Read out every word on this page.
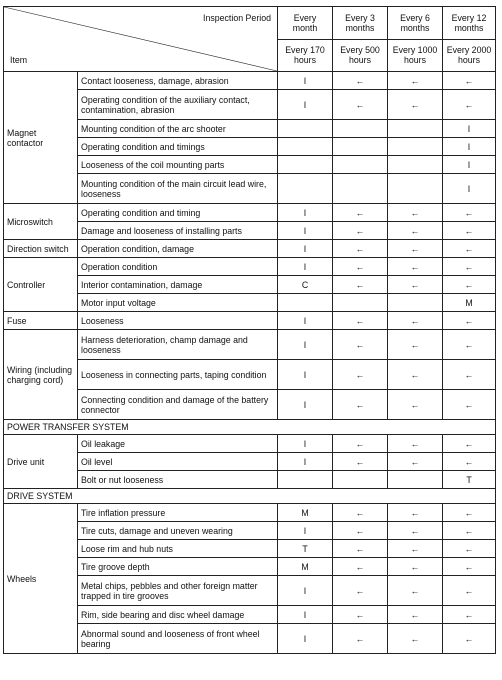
Inspection Period
Item		Every month	Every 3 months	Every 6 months	Every 12 months
		Every 170 hours	Every 500 hours	Every 1000 hours	Every 2000 hours
Magnet contactor	Contact looseness, damage, abrasion	I	←	←	←
	Operating condition of the auxiliary contact, contamination, abrasion	I	←	←	←
	Mounting condition of the arc shooter				I
	Operating condition and timings				I
	Looseness of the coil mounting parts				I
	Mounting condition of the main circuit lead wire, looseness				I
Microswitch	Operating condition and timing	I	←	←	←
	Damage and looseness of installing parts	I	←	←	←
Direction switch	Operation condition, damage	I	←	←	←
Controller	Operation condition	I	←	←	←
	Interior contamination, damage	C	←	←	←
	Motor input voltage				M
Fuse	Looseness	I	←	←	←
Wiring (including charging cord)	Harness deterioration, champ damage and looseness	I	←	←	←
	Looseness in connecting parts, taping condition	I	←	←	←
	Connecting condition and damage of the battery connector	I	←	←	←
POWER TRANSFER SYSTEM					
Drive unit	Oil leakage	I	←	←	←
	Oil level	I	←	←	←
	Bolt or nut looseness				T
DRIVE SYSTEM					
Wheels	Tire inflation pressure	M	←	←	←
	Tire cuts, damage and uneven wearing	I	←	←	←
	Loose rim and hub nuts	T	←	←	←
	Tire groove depth	M	←	←	←
	Metal chips, pebbles and other foreign matter trapped in tire grooves	I	←	←	←
	Rim, side bearing and disc wheel damage	I	←	←	←
	Abnormal sound and looseness of front wheel bearing	I	←	←	←
